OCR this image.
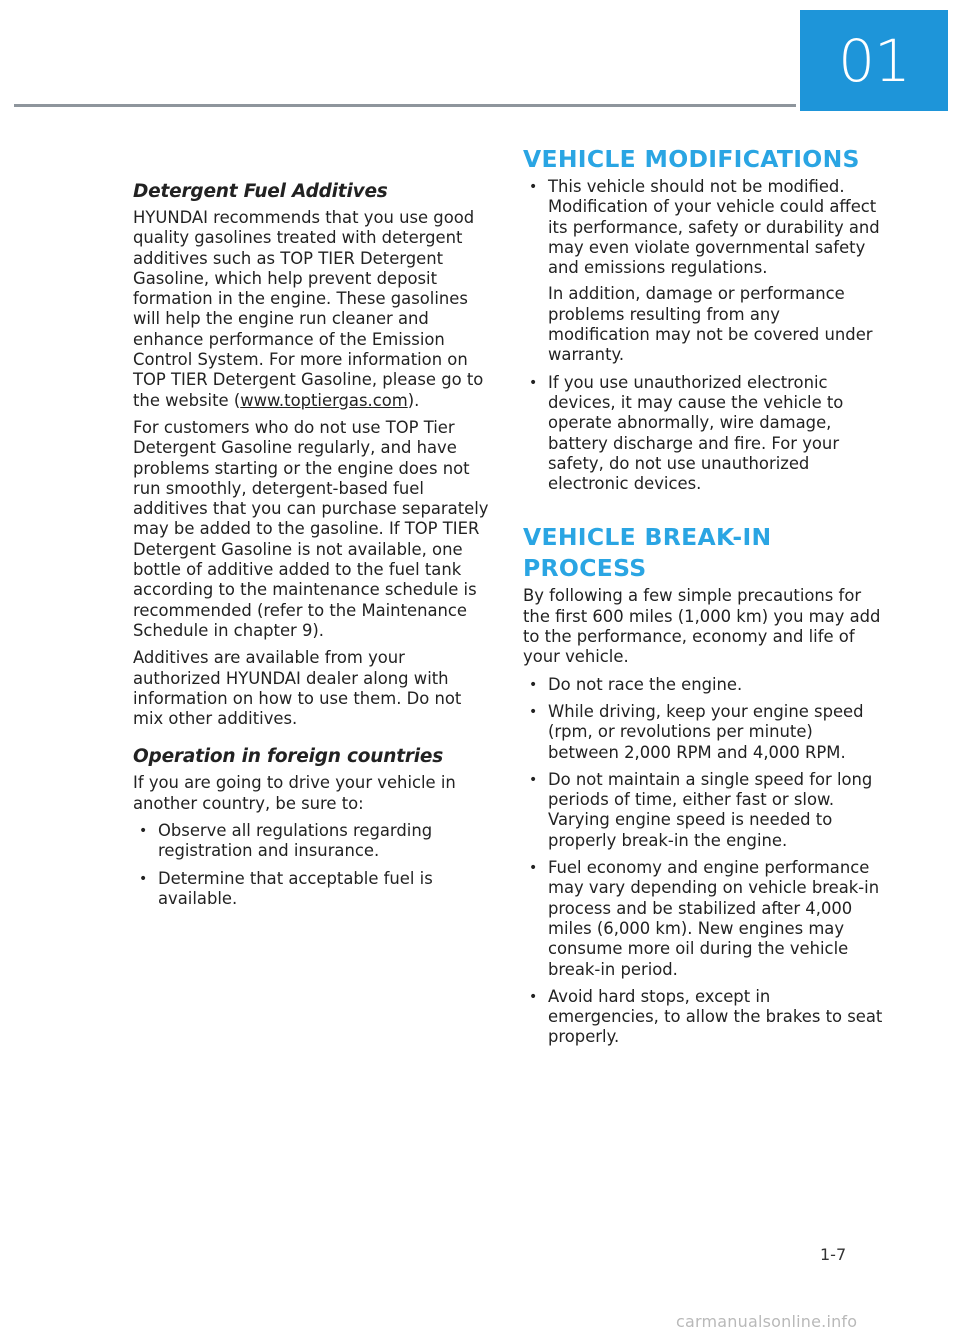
01
Detergent Fuel Additives

HYUNDAI recommends that you use good quality gasolines treated with detergent additives such as TOP TIER Detergent Gasoline, which help prevent deposit formation in the engine. These gasolines will help the engine run cleaner and enhance performance of the Emission Control System. For more information on TOP TIER Detergent Gasoline, please go to the website (www.toptiergas.com).

For customers who do not use TOP Tier Detergent Gasoline regularly, and have problems starting or the engine does not run smoothly, detergent-based fuel additives that you can purchase separately may be added to the gasoline. If TOP TIER Detergent Gasoline is not available, one bottle of additive added to the fuel tank according to the maintenance schedule is recommended (refer to the Maintenance Schedule in chapter 9).

Additives are available from your authorized HYUNDAI dealer along with information on how to use them. Do not mix other additives.

Operation in foreign countries

If you are going to drive your vehicle in another country, be sure to:

• Observe all regulations regarding registration and insurance.
• Determine that acceptable fuel is available.
VEHICLE MODIFICATIONS
• This vehicle should not be modified. Modification of your vehicle could affect its performance, safety or durability and may even violate governmental safety and emissions regulations.

In addition, damage or performance problems resulting from any modification may not be covered under warranty.

• If you use unauthorized electronic devices, it may cause the vehicle to operate abnormally, wire damage, battery discharge and fire. For your safety, do not use unauthorized electronic devices.
VEHICLE BREAK-IN PROCESS

By following a few simple precautions for the first 600 miles (1,000 km) you may add to the performance, economy and life of your vehicle.

• Do not race the engine.
• While driving, keep your engine speed (rpm, or revolutions per minute) between 2,000 RPM and 4,000 RPM.
• Do not maintain a single speed for long periods of time, either fast or slow. Varying engine speed is needed to properly break-in the engine.
• Fuel economy and engine performance may vary depending on vehicle break-in process and be stabilized after 4,000 miles (6,000 km). New engines may consume more oil during the vehicle break-in period.
• Avoid hard stops, except in emergencies, to allow the brakes to seat properly.
1-7
carmanualsonline.info
